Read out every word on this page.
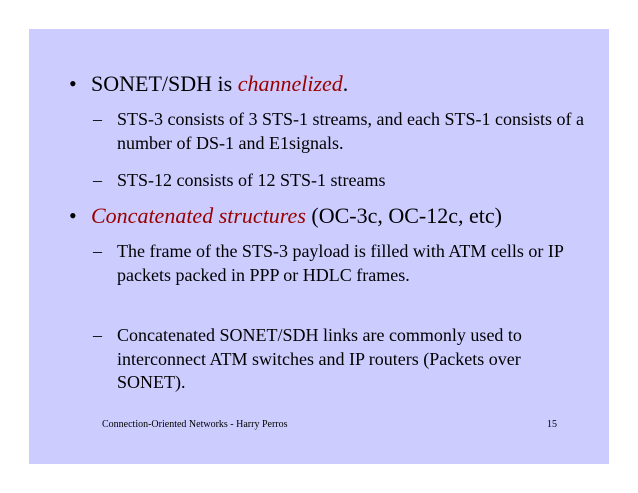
• SONET/SDH is channelized.
– STS-3 consists of 3 STS-1 streams, and each STS-1 consists of a number of DS-1 and E1signals.
– STS-12 consists of 12 STS-1 streams
• Concatenated structures (OC-3c, OC-12c, etc)
– The frame of the STS-3 payload is filled with ATM cells or IP packets packed in PPP or HDLC frames.
– Concatenated SONET/SDH links are commonly used to interconnect ATM switches and IP routers (Packets over SONET).
Connection-Oriented Networks - Harry Perros	15
